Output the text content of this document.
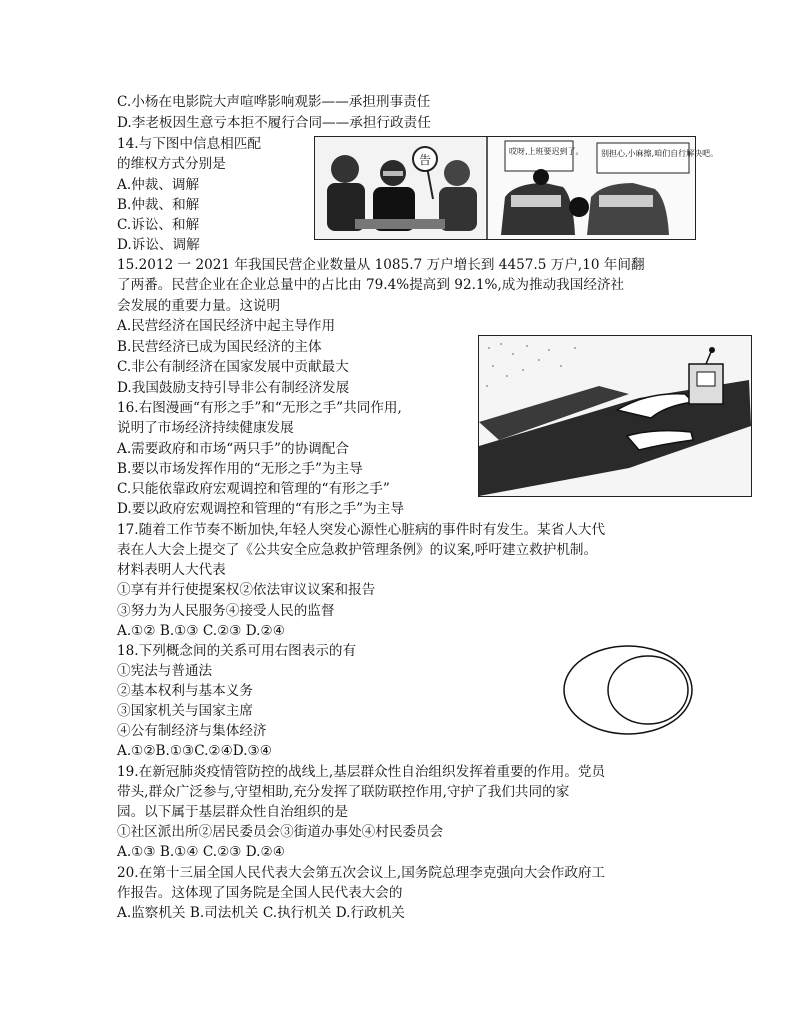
C.小杨在电影院大声喧哗影响观影——承担刑事责任
D.李老板因生意亏本拒不履行合同——承担行政责任
14.与下图中信息相匹配
的维权方式分别是
A.仲裁、调解
B.仲裁、和解
C.诉讼、和解
D.诉讼、调解
告
哎呀,上班要迟到了。 别担心,小麻擦,咱们自行解决吧。
15.2012 一 2021 年我国民营企业数量从 1085.7 万户增长到 4457.5 万户,10 年间翻
了两番。民营企业在企业总量中的占比由 79.4%提高到 92.1%,成为推动我国经济社
会发展的重要力量。这说明
A.民营经济在国民经济中起主导作用
B.民营经济已成为国民经济的主体
C.非公有制经济在国家发展中贡献最大
D.我国鼓励支持引导非公有制经济发展
16.右图漫画“有形之手”和“无形之手”共同作用,
说明了市场经济持续健康发展
A.需要政府和市场“两只手”的协调配合
B.要以市场发挥作用的“无形之手”为主导
C.只能依靠政府宏观调控和管理的“有形之手”
D.要以政府宏观调控和管理的“有形之手”为主导
17.随着工作节奏不断加快,年轻人突发心源性心脏病的事件时有发生。某省人大代
表在人大会上提交了《公共安全应急救护管理条例》的议案,呼吁建立救护机制。
材料表明人大代表
①享有并行使提案权②依法审议议案和报告
③努力为人民服务④接受人民的监督
A.①② B.①③ C.②③ D.②④
18.下列概念间的关系可用右图表示的有
①宪法与普通法
②基本权利与基本义务
③国家机关与国家主席
④公有制经济与集体经济
A.①②B.①③C.②④D.③④
19.在新冠肺炎疫情管防控的战线上,基层群众性自治组织发挥着重要的作用。党员
带头,群众广泛参与,守望相助,充分发挥了联防联控作用,守护了我们共同的家
园。以下属于基层群众性自治组织的是
①社区派出所②居民委员会③街道办事处④村民委员会
A.①③ B.①④ C.②③ D.②④
20.在第十三届全国人民代表大会第五次会议上,国务院总理李克强向大会作政府工
作报告。这体现了国务院是全国人民代表大会的
A.监察机关 B.司法机关 C.执行机关 D.行政机关
